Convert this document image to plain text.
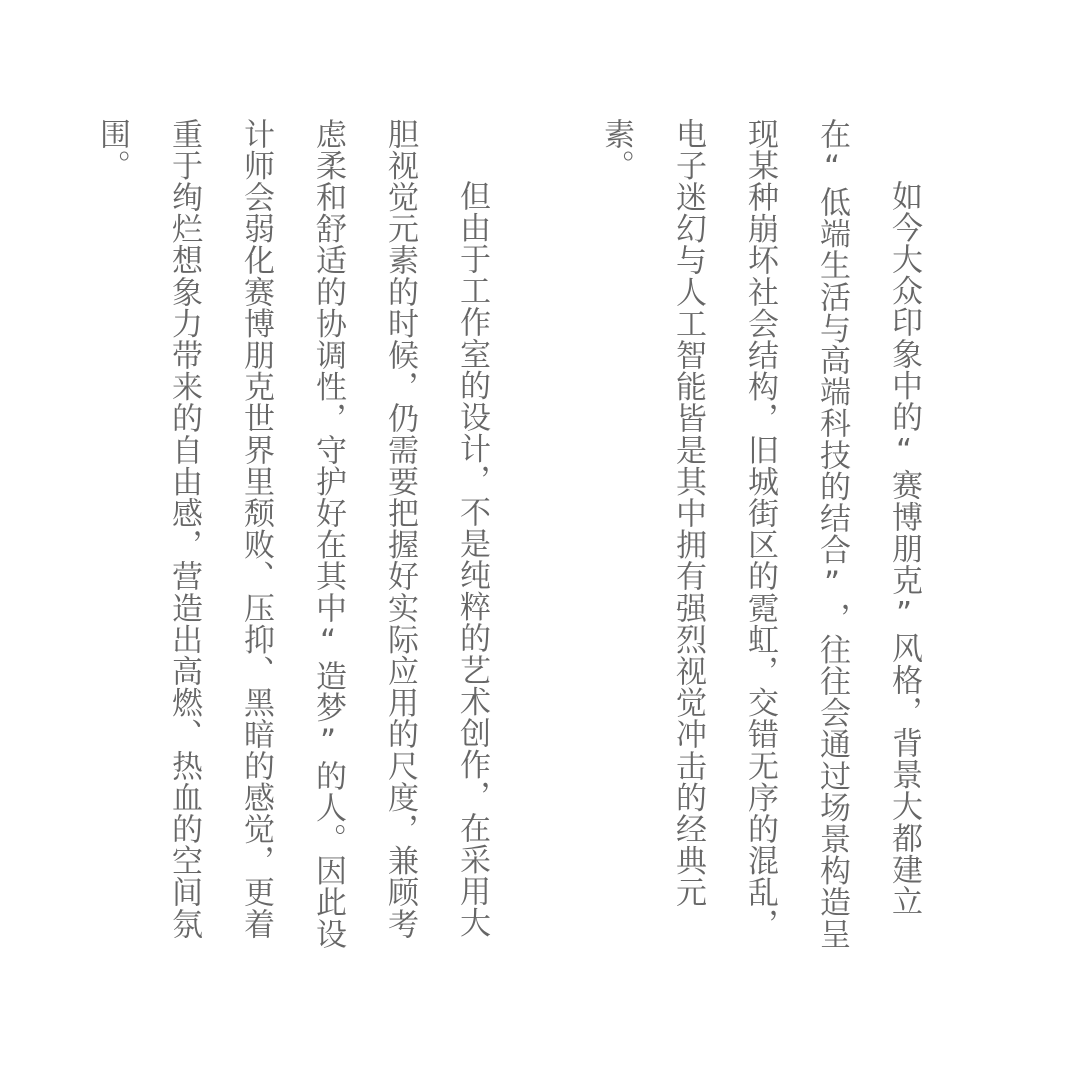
如今大众印象中的“赛博朋克”风格，背景大都建立在“低端生活与高端科技的结合”，往往会通过场景构造呈现某种崩坏社会结构，旧城街区的霓虹，交错无序的混乱，电子迷幻与人工智能皆是其中拥有强烈视觉冲击的经典元素。

但由于工作室的设计，不是纯粹的艺术创作，在采用大胆视觉元素的时候，仍需要把握好实际应用的尺度，兼顾考虑柔和舒适的协调性，守护好在其中“造梦”的人。因此设计师会弱化赛博朋克世界里颓败、压抑、黑暗的感觉，更着重于绚烂想象力带来的自由感，营造出高燃、热血的空间氛围。
